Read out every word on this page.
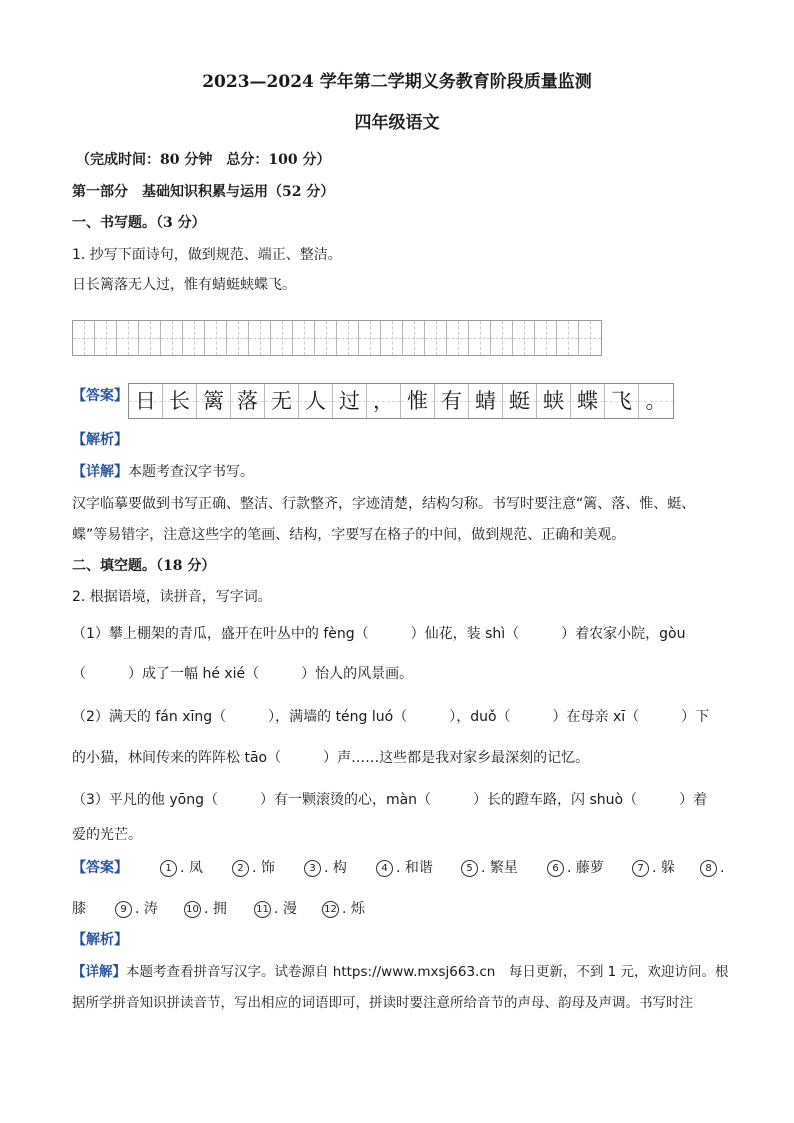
2023—2024 学年第二学期义务教育阶段质量监测
四年级语文
（完成时间：80 分钟　总分：100 分）
第一部分　基础知识积累与运用（52 分）
一、书写题。（3 分）
1. 抄写下面诗句，做到规范、端正、整洁。
日长篱落无人过，惟有蜻蜓蛱蝶飞。
【答案】 日 长 篱 落 无 人 过 ， 惟 有 蜻 蜓 蛱 蝶 飞 。
【解析】
【详解】本题考查汉字书写。
汉字临摹要做到书写正确、整洁、行款整齐，字迹清楚，结构匀称。书写时要注意“篱、落、惟、蜓、
蝶”等易错字，注意这些字的笔画、结构，字要写在格子的中间，做到规范、正确和美观。
二、填空题。（18 分）
2. 根据语境，读拼音，写字词。
（1）攀上棚架的青瓜，盛开在叶丛中的 fèng（　　　）仙花，装 shì（　　　）着农家小院，gòu
（　　　）成了一幅 hé xié（　　　）怡人的风景画。
（2）满天的 fán xīng（　　　），满墙的 téng luó（　　　），duǒ（　　　）在母亲 xī（　　　）下
的小猫，林间传来的阵阵松 tāo（　　　）声……这些都是我对家乡最深刻的记忆。
（3）平凡的他 yōng（　　　）有一颗滚烫的心，màn（　　　）长的蹬车路，闪 shuò（　　　）着
爱的光芒。
【答案】	1 . 凤	2 . 饰	3 . 构	4 . 和谐	5 . 繁星	6 . 藤萝	7 . 躲	8 .
膝	9 . 涛	10 . 拥	11 . 漫	12 . 烁
【解析】
【详解】本题考查看拼音写汉字。试卷源自 https://www.mxsj663.cn　每日更新，不到 1 元，欢迎访问。根
据所学拼音知识拼读音节，写出相应的词语即可，拼读时要注意所给音节的声母、韵母及声调。书写时注
